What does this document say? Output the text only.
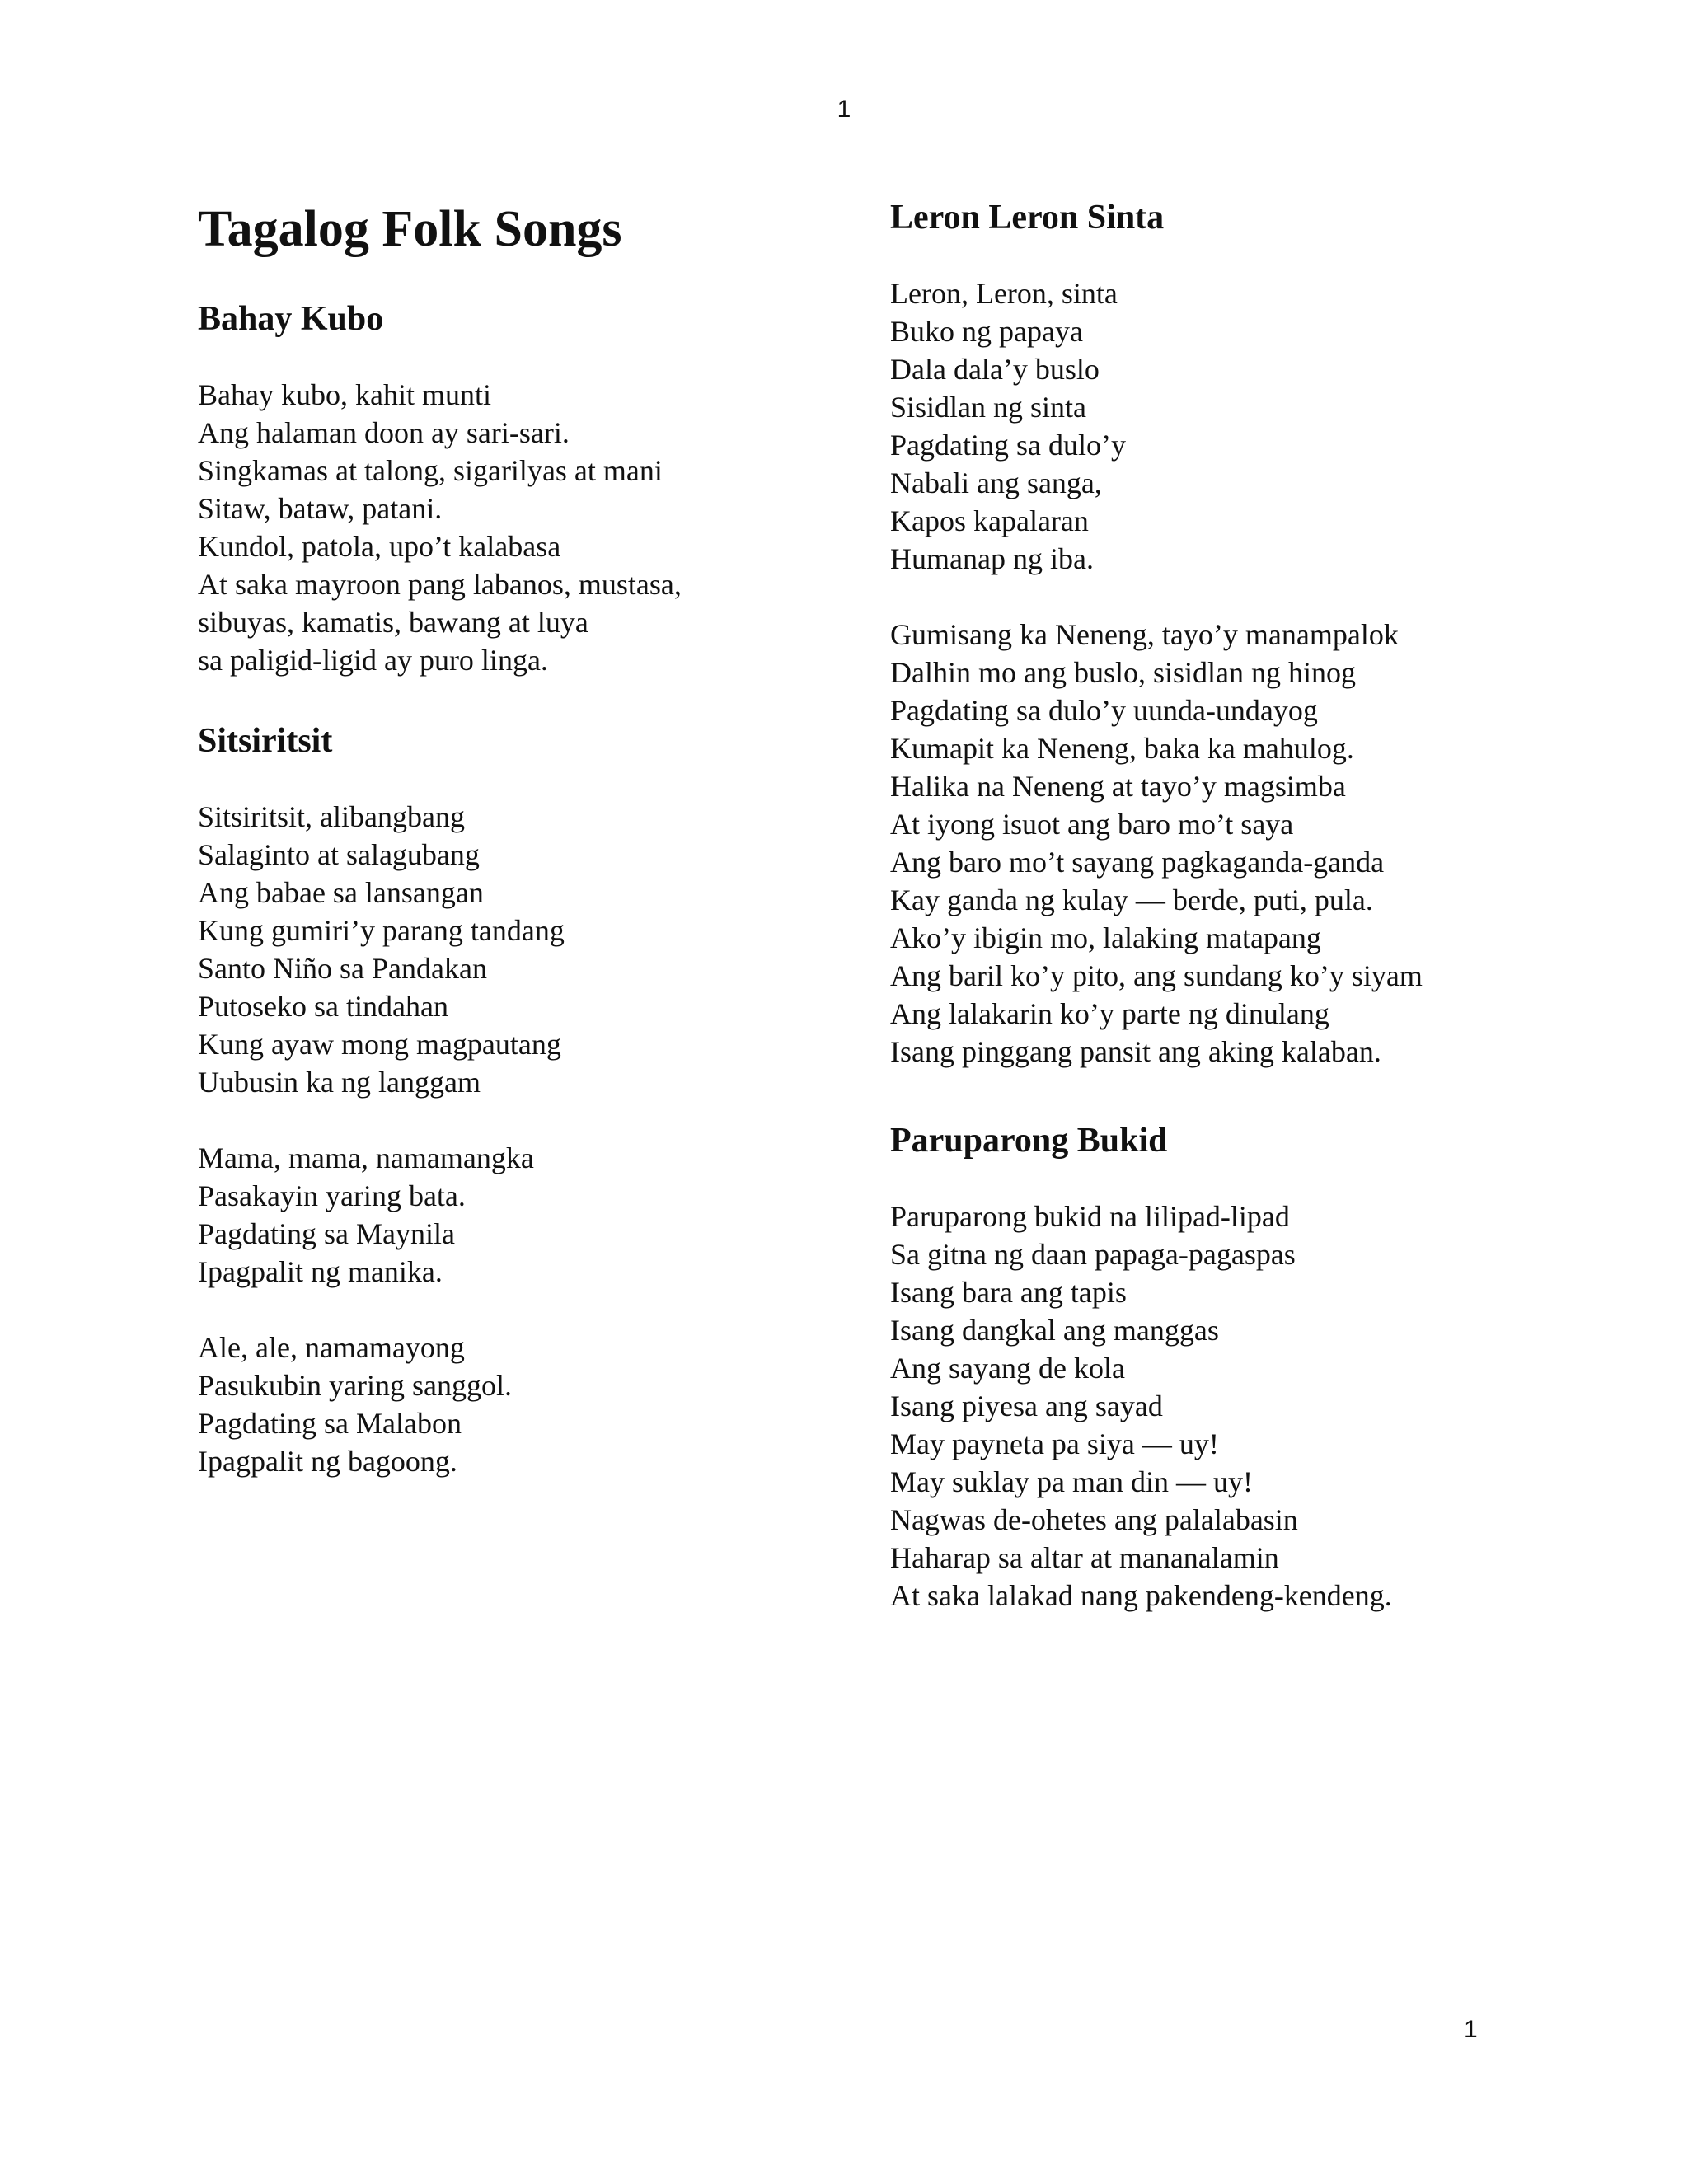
1
Tagalog Folk Songs
Bahay Kubo
Bahay kubo, kahit munti
Ang halaman doon ay sari-sari.
Singkamas at talong, sigarilyas at mani
Sitaw, bataw, patani.
Kundol, patola, upo’t kalabasa
At saka mayroon pang labanos, mustasa,
sibuyas, kamatis, bawang at luya
sa paligid-ligid ay puro linga.
Sitsiritsit
Sitsiritsit, alibangbang
Salaginto at salagubang
Ang babae sa lansangan
Kung gumiri’y parang tandang
Santo Niño sa Pandakan
Putoseko sa tindahan
Kung ayaw mong magpautang
Uubusin ka ng langgam
Mama, mama, namamangka
Pasakayin yaring bata.
Pagdating sa Maynila
Ipagpalit ng manika.
Ale, ale, namamayong
Pasukubin yaring sanggol.
Pagdating sa Malabon
Ipagpalit ng bagoong.
Leron Leron Sinta
Leron, Leron, sinta
Buko ng papaya
Dala dala’y buslo
Sisidlan ng sinta
Pagdating sa dulo’y
Nabali ang sanga,
Kapos kapalaran
Humanap ng iba.
Gumisang ka Neneng, tayo’y manampalok
Dalhin mo ang buslo, sisidlan ng hinog
Pagdating sa dulo’y uunda-undayog
Kumapit ka Neneng, baka ka mahulog.
Halika na Neneng at tayo’y magsimba
At iyong isuot ang baro mo’t saya
Ang baro mo’t sayang pagkaganda-ganda
Kay ganda ng kulay — berde, puti, pula.
Ako’y ibigin mo, lalaking matapang
Ang baril ko’y pito, ang sundang ko’y siyam
Ang lalakarin ko’y parte ng dinulang
Isang pinggang pansit ang aking kalaban.
Paruparong Bukid
Paruparong bukid na lilipad-lipad
Sa gitna ng daan papaga-pagaspas
Isang bara ang tapis
Isang dangkal ang manggas
Ang sayang de kola
Isang piyesa ang sayad
May payneta pa siya — uy!
May suklay pa man din — uy!
Nagwas de-ohetes ang palalabasin
Haharap sa altar at mananalamin
At saka lalakad nang pakendeng-kendeng.
1
